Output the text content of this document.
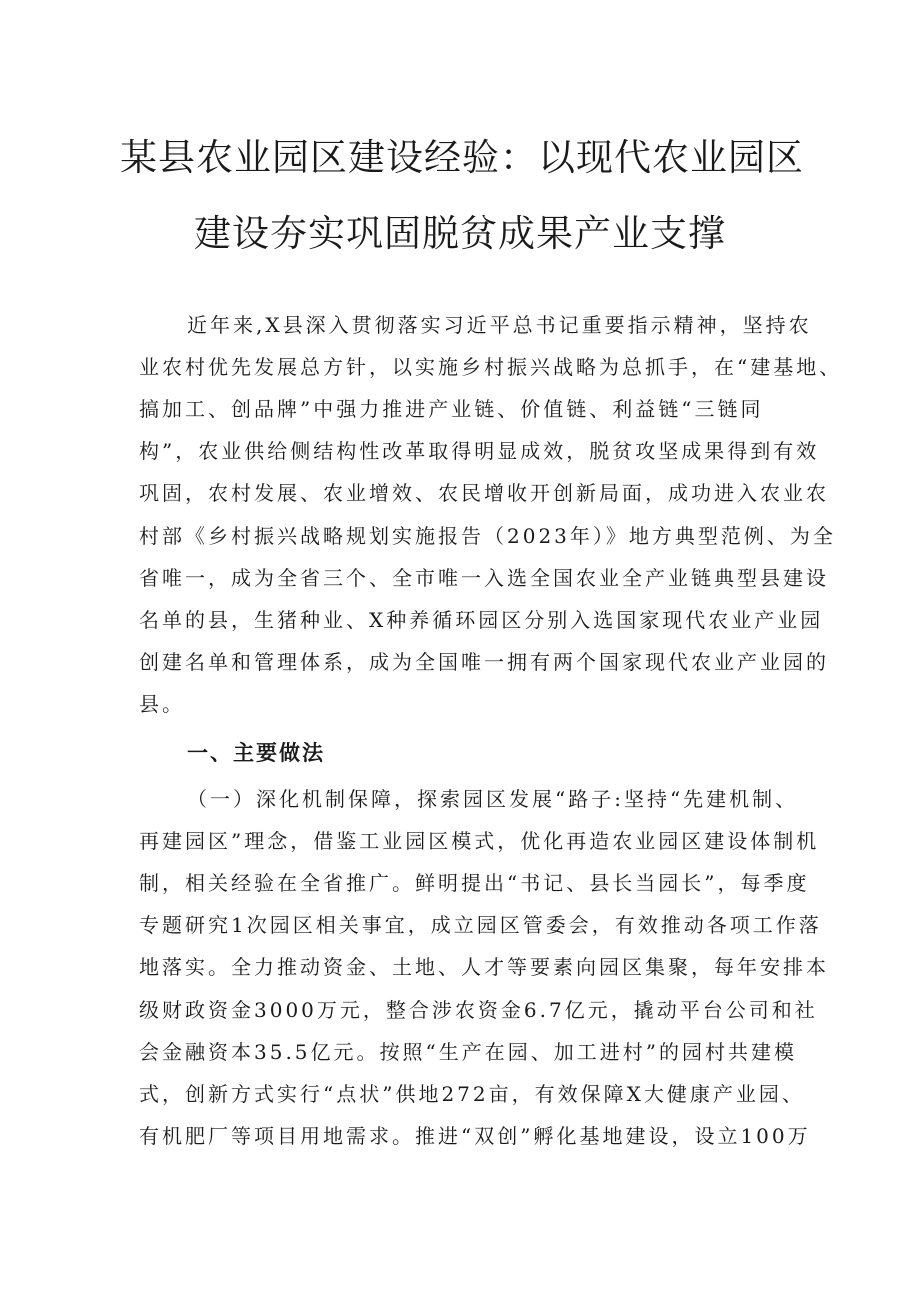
某县农业园区建设经验：以现代农业园区
建设夯实巩固脱贫成果产业支撑
近年来,X县深入贯彻落实习近平总书记重要指示精神，坚持农
业农村优先发展总方针，以实施乡村振兴战略为总抓手，在“建基地、
搞加工、创品牌”中强力推进产业链、价值链、利益链“三链同
构”，农业供给侧结构性改革取得明显成效，脱贫攻坚成果得到有效
巩固，农村发展、农业增效、农民增收开创新局面，成功进入农业农
村部《乡村振兴战略规划实施报告（2023年）》地方典型范例、为全
省唯一，成为全省三个、全市唯一入选全国农业全产业链典型县建设
名单的县，生猪种业、X种养循环园区分别入选国家现代农业产业园
创建名单和管理体系，成为全国唯一拥有两个国家现代农业产业园的
县。
一、主要做法
（一）深化机制保障，探索园区发展“路子:坚持“先建机制、
再建园区”理念，借鉴工业园区模式，优化再造农业园区建设体制机
制，相关经验在全省推广。鲜明提出“书记、县长当园长”，每季度
专题研究1次园区相关事宜，成立园区管委会，有效推动各项工作落
地落实。全力推动资金、土地、人才等要素向园区集聚，每年安排本
级财政资金3000万元，整合涉农资金6.7亿元，撬动平台公司和社
会金融资本35.5亿元。按照“生产在园、加工进村”的园村共建模
式，创新方式实行“点状”供地272亩，有效保障X大健康产业园、
有机肥厂等项目用地需求。推进“双创”孵化基地建设，设立100万
